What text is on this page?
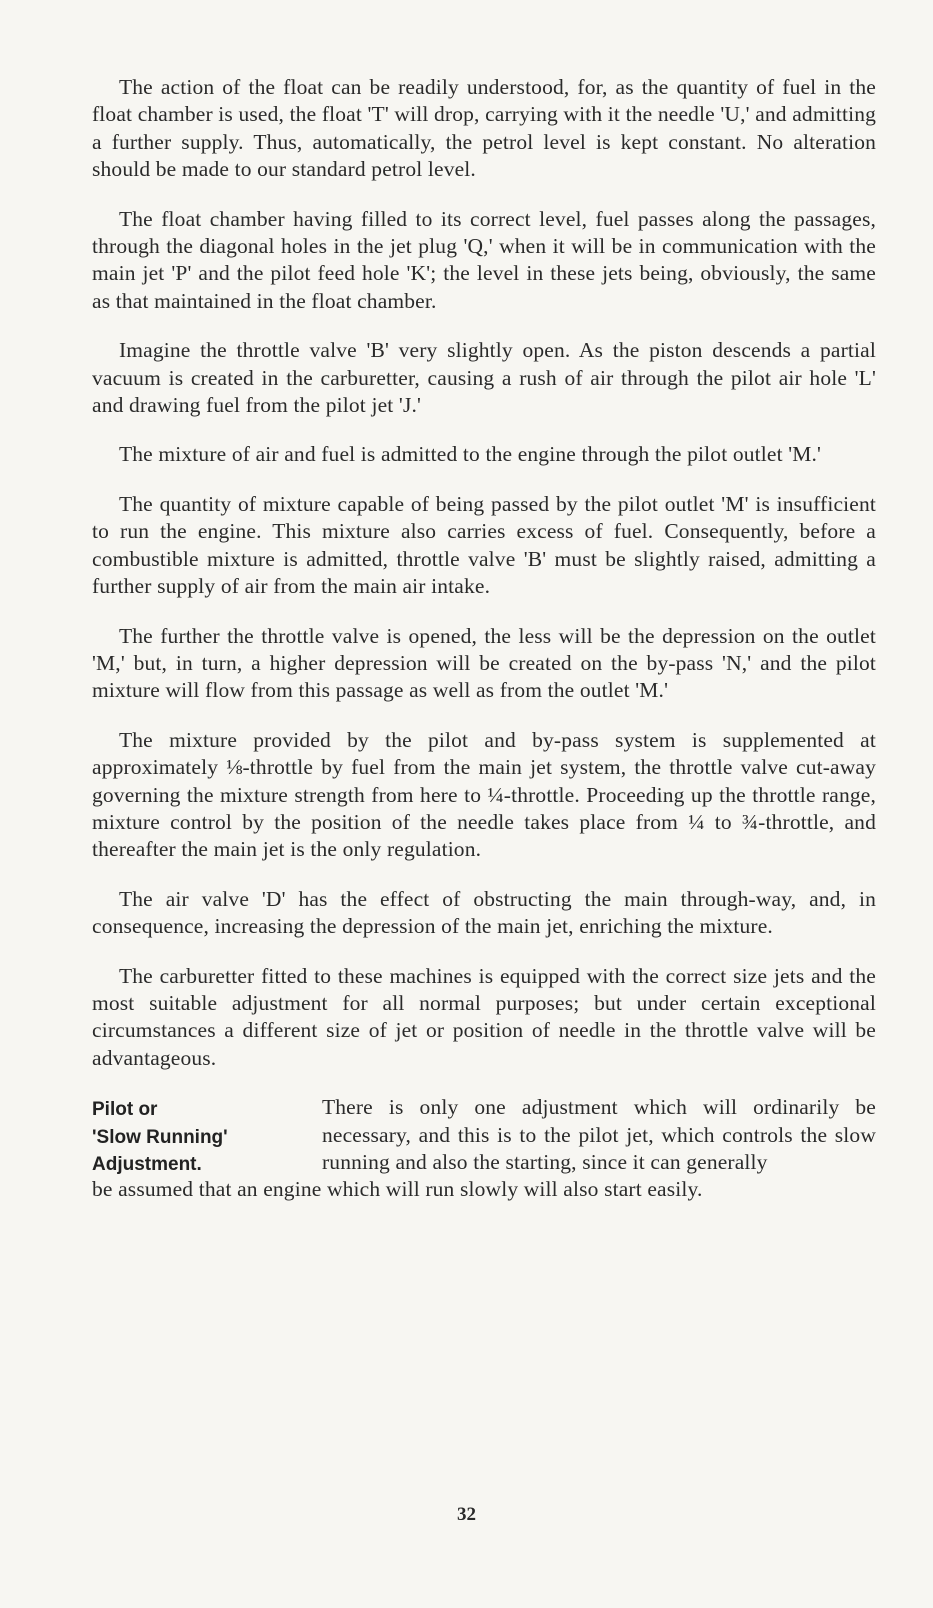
The action of the float can be readily understood, for, as the quantity of fuel in the float chamber is used, the float 'T' will drop, carrying with it the needle 'U,' and admitting a further supply. Thus, automatically, the petrol level is kept constant. No alteration should be made to our standard petrol level.

The float chamber having filled to its correct level, fuel passes along the passages, through the diagonal holes in the jet plug 'Q,' when it will be in communication with the main jet 'P' and the pilot feed hole 'K'; the level in these jets being, obviously, the same as that maintained in the float chamber.

Imagine the throttle valve 'B' very slightly open. As the piston descends a partial vacuum is created in the carburetter, causing a rush of air through the pilot air hole 'L' and drawing fuel from the pilot jet 'J.'

The mixture of air and fuel is admitted to the engine through the pilot outlet 'M.'

The quantity of mixture capable of being passed by the pilot outlet 'M' is insufficient to run the engine. This mixture also carries excess of fuel. Consequently, before a combustible mixture is admitted, throttle valve 'B' must be slightly raised, admitting a further supply of air from the main air intake.

The further the throttle valve is opened, the less will be the depression on the outlet 'M,' but, in turn, a higher depression will be created on the by-pass 'N,' and the pilot mixture will flow from this passage as well as from the outlet 'M.'

The mixture provided by the pilot and by-pass system is supplemented at approximately ⅛-throttle by fuel from the main jet system, the throttle valve cut-away governing the mixture strength from here to ¼-throttle. Proceeding up the throttle range, mixture control by the position of the needle takes place from ¼ to ¾-throttle, and thereafter the main jet is the only regulation.

The air valve 'D' has the effect of obstructing the main through-way, and, in consequence, increasing the depression of the main jet, enriching the mixture.

The carburetter fitted to these machines is equipped with the correct size jets and the most suitable adjustment for all normal purposes; but under certain exceptional circumstances a different size of jet or position of needle in the throttle valve will be advantageous.

Pilot or
'Slow Running'
Adjustment.

There is only one adjustment which will ordinarily be necessary, and this is to the pilot jet, which controls the slow running and also the starting, since it can generally
be assumed that an engine which will run slowly will also start easily.

32
